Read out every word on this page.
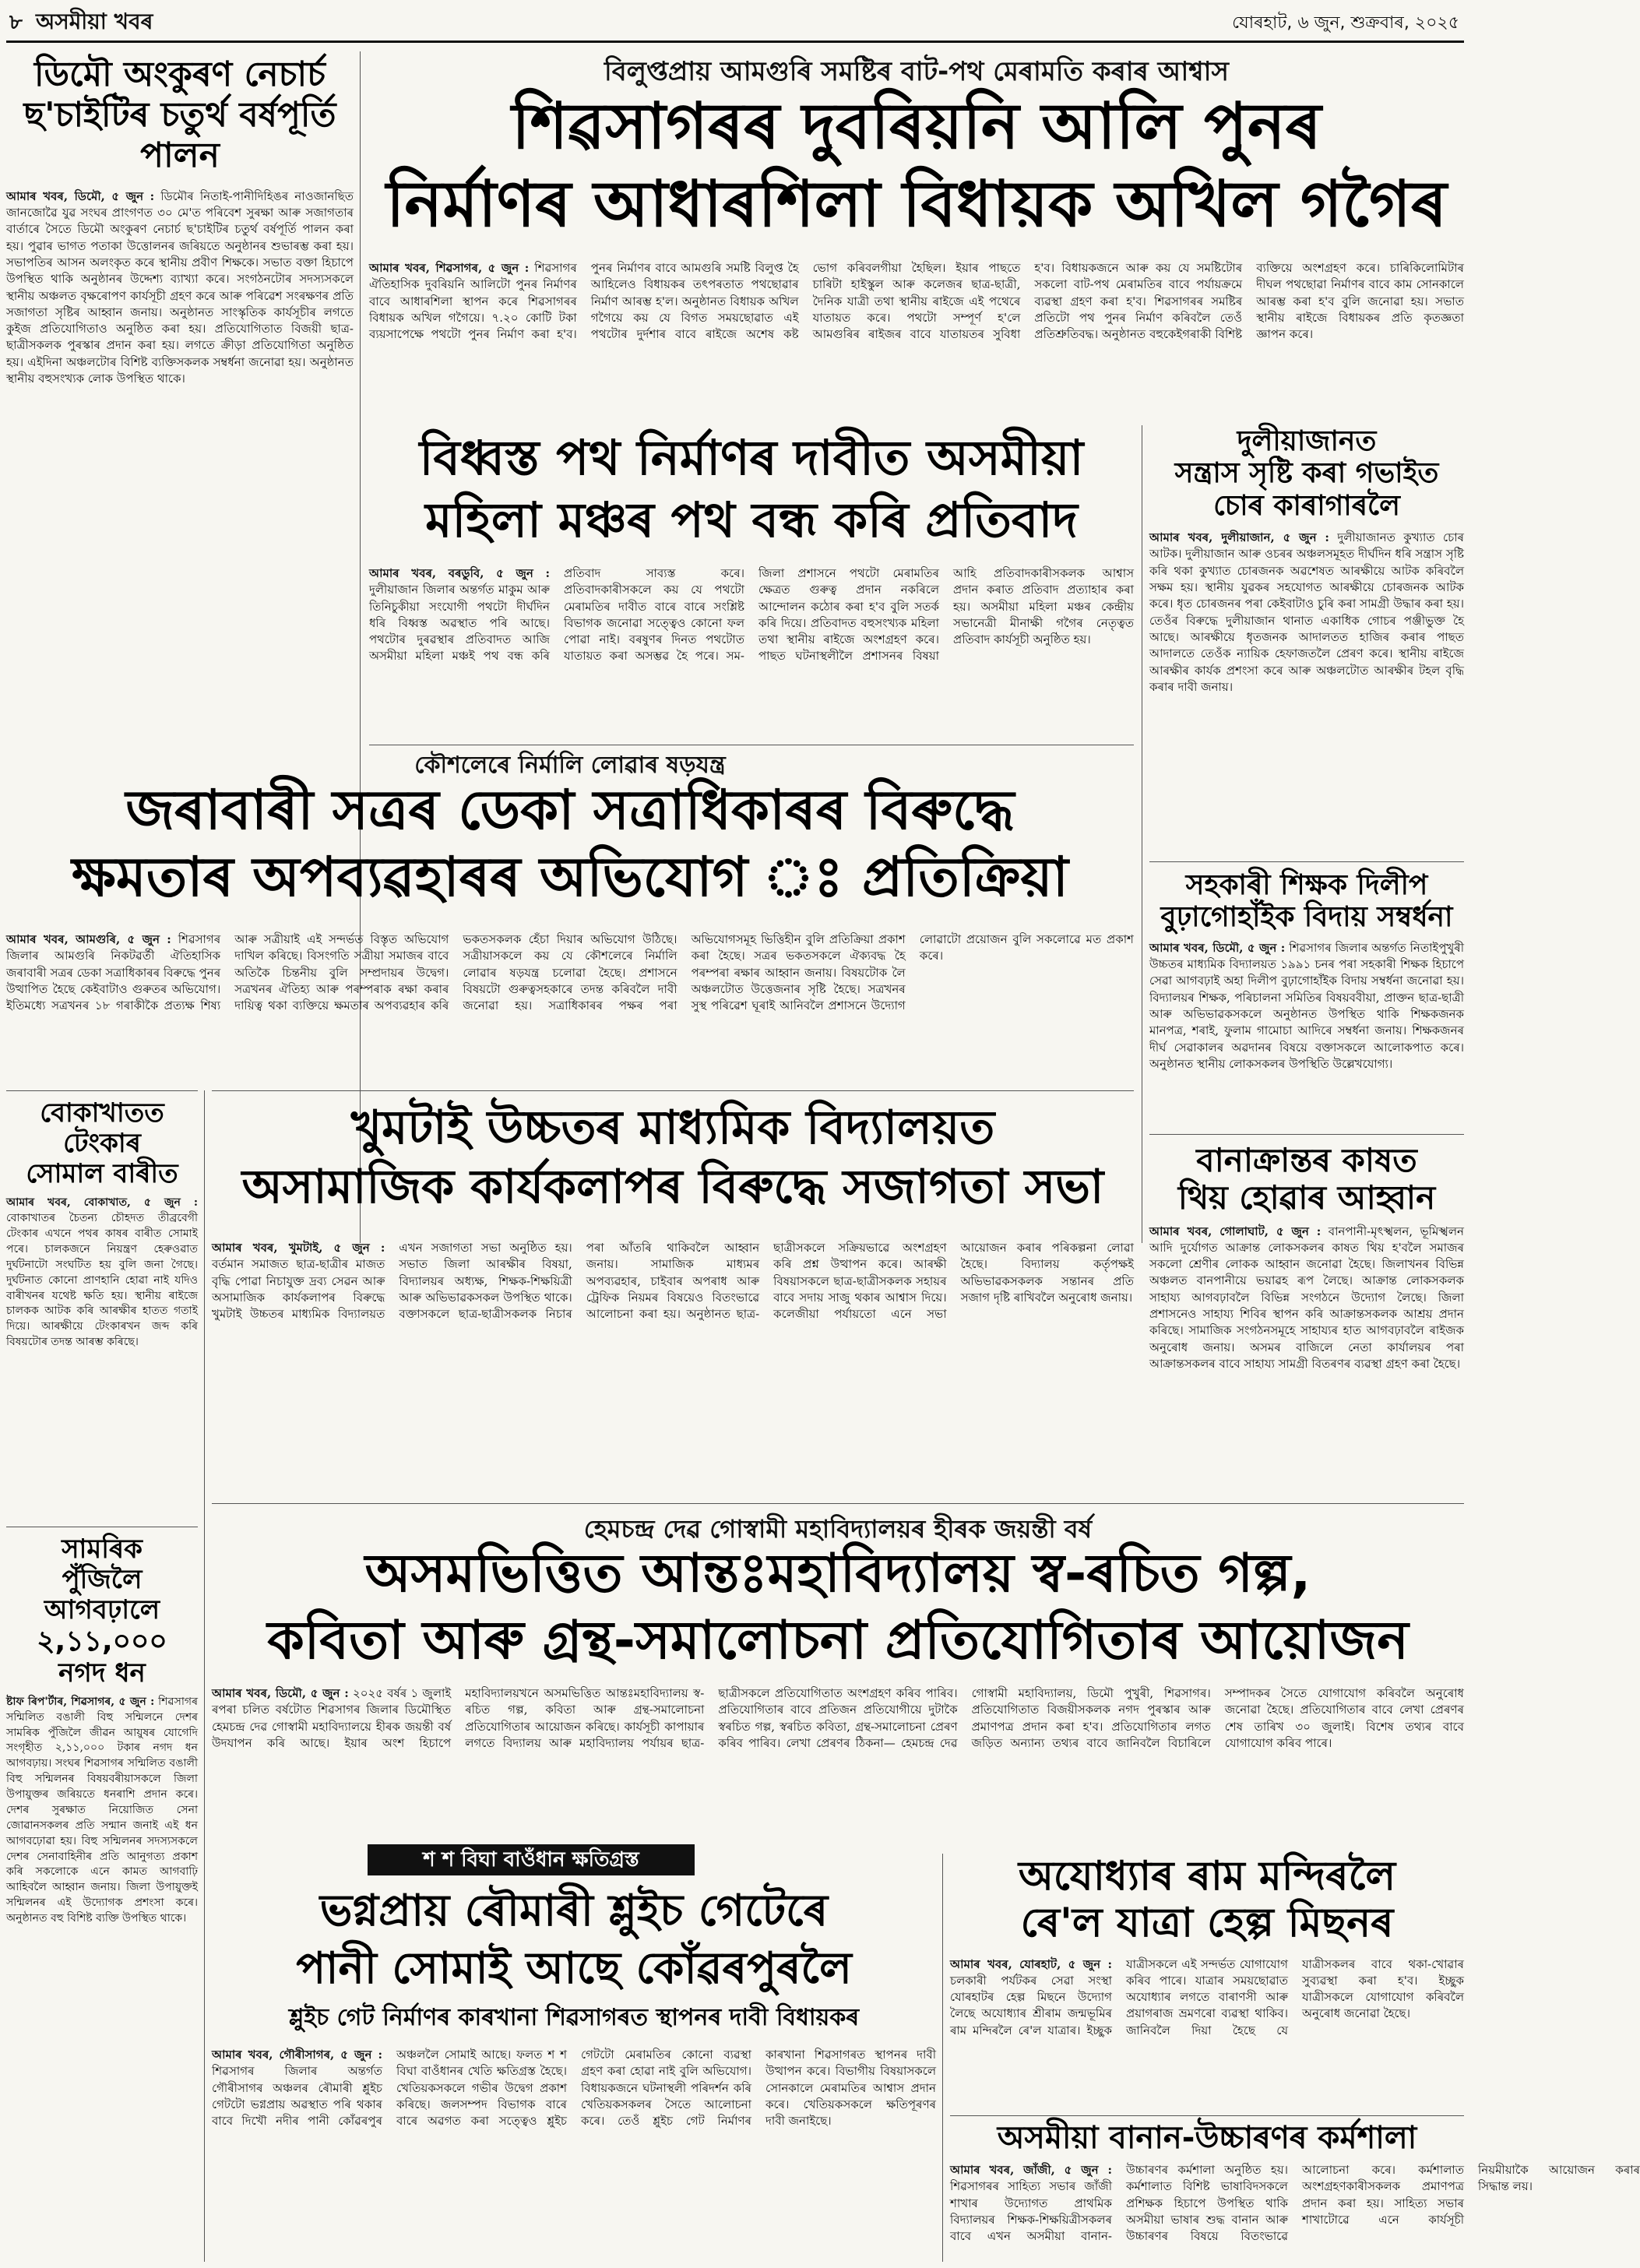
৮ অসমীয়া খবৰ	যোৰহাট, ৬ জুন, শুক্ৰবাৰ, ২০২৫
ডিমৌ অংকুৰণ নেচাৰ্চ ছ'চাইটিৰ চতুৰ্থ বৰ্ষপূৰ্তি পালন
আমাৰ খবৰ, ডিমৌ, ৫ জুন : ডিমৌৰ নিতাই-পানীদিহিঙৰ নাওজানছিত জানজোৱৈ যুৱ সংঘৰ প্ৰাংগণত ৩০ মে'ত পৰিবেশ সুৰক্ষা আৰু সজাগতাৰ বাৰ্তাৰে সৈতে ডিমৌ অংকুৰণ নেচাৰ্চ ছ'চাইটিৰ চতুৰ্থ বৰ্ষপূৰ্তি পালন কৰা হয়। পুৱাৰ ভাগত পতাকা উত্তোলনৰ জৰিয়তে অনুষ্ঠানৰ শুভাৰম্ভ কৰা হয়। সভাপতিৰ আসন অলংকৃত কৰে স্থানীয় প্ৰবীণ শিক্ষকে। সভাত বক্তা হিচাপে উপস্থিত থাকি অনুষ্ঠানৰ উদ্দেশ্য ব্যাখ্যা কৰে। সংগঠনটোৰ সদস্যসকলে স্থানীয় অঞ্চলত বৃক্ষৰোপণ কাৰ্যসূচী গ্ৰহণ কৰে আৰু পৰিৱেশ সংৰক্ষণৰ প্ৰতি সজাগতা সৃষ্টিৰ আহ্বান জনায়। অনুষ্ঠানত সাংস্কৃতিক কাৰ্যসূচীৰ লগতে কুইজ প্ৰতিযোগিতাও অনুষ্ঠিত কৰা হয়। প্ৰতিযোগিতাত বিজয়ী ছাত্ৰ-ছাত্ৰীসকলক পুৰস্কাৰ প্ৰদান কৰা হয়। লগতে ক্ৰীড়া প্ৰতিযোগিতা অনুষ্ঠিত হয়। এইদিনা অঞ্চলটোৰ বিশিষ্ট ব্যক্তিসকলক সম্বৰ্ধনা জনোৱা হয়। অনুষ্ঠানত স্থানীয় বহুসংখ্যক লোক উপস্থিত থাকে।
বিলুপ্তপ্ৰায় আমগুৰি সমষ্টিৰ বাট-পথ মেৰামতি কৰাৰ আশ্বাস
শিৱসাগৰৰ দুবৰিয়নি আলি পুনৰ
নিৰ্মাণৰ আধাৰশিলা বিধায়ক অখিল গগৈৰ
আমাৰ খবৰ, শিৱসাগৰ, ৫ জুন : শিৱসাগৰ ঐতিহাসিক দুবৰিয়নি আলিটো পুনৰ নিৰ্মাণৰ বাবে আধাৰশিলা স্থাপন কৰে শিৱসাগৰৰ বিধায়ক অখিল গগৈয়ে। ৭.২০ কোটি টকা ব্যয়সাপেক্ষে পথটো পুনৰ নিৰ্মাণ কৰা হ'ব। পুনৰ নিৰ্মাণৰ বাবে আমগুৰি সমষ্টি বিলুপ্ত হৈ আহিলেও বিধায়কৰ তৎপৰতাত পথছোৱাৰ নিৰ্মাণ আৰম্ভ হ'ল। অনুষ্ঠানত বিধায়ক অখিল গগৈয়ে কয় যে বিগত সময়ছোৱাত এই পথটোৰ দুৰ্দশাৰ বাবে ৰাইজে অশেষ কষ্ট ভোগ কৰিবলগীয়া হৈছিল। ইয়াৰ পাছতে চাৰিটা হাইস্কুল আৰু কলেজৰ ছাত্ৰ-ছাত্ৰী, দৈনিক যাত্ৰী তথা স্থানীয় ৰাইজে এই পথেৰে যাতায়ত কৰে। পথটো সম্পূৰ্ণ হ'লে আমগুৰিৰ ৰাইজৰ বাবে যাতায়তৰ সুবিধা হ'ব। বিধায়কজনে আৰু কয় যে সমষ্টিটোৰ সকলো বাট-পথ মেৰামতিৰ বাবে পৰ্যায়ক্ৰমে ব্যৱস্থা গ্ৰহণ কৰা হ'ব। শিৱসাগৰৰ সমষ্টিৰ প্ৰতিটো পথ পুনৰ নিৰ্মাণ কৰিবলৈ তেওঁ প্ৰতিশ্ৰুতিবদ্ধ। অনুষ্ঠানত বহুকেইগৰাকী বিশিষ্ট ব্যক্তিয়ে অংশগ্ৰহণ কৰে। চাৰিকিলোমিটাৰ দীঘল পথছোৱা নিৰ্মাণৰ বাবে কাম সোনকালে আৰম্ভ কৰা হ'ব বুলি জনোৱা হয়। সভাত স্থানীয় ৰাইজে বিধায়কৰ প্ৰতি কৃতজ্ঞতা জ্ঞাপন কৰে।
বিধ্বস্ত পথ নিৰ্মাণৰ দাবীত অসমীয়া
মহিলা মঞ্চৰ পথ বন্ধ কৰি প্ৰতিবাদ
আমাৰ খবৰ, বৰডুবি, ৫ জুন : দুলীয়াজান জিলাৰ অন্তৰ্গত মাকুম আৰু তিনিচুকীয়া সংযোগী পথটো দীৰ্ঘদিন ধৰি বিধ্বস্ত অৱস্থাত পৰি আছে। পথটোৰ দুৰৱস্থাৰ প্ৰতিবাদত আজি অসমীয়া মহিলা মঞ্চই পথ বন্ধ কৰি প্ৰতিবাদ সাব্যস্ত কৰে। প্ৰতিবাদকাৰীসকলে কয় যে পথটো মেৰামতিৰ দাবীত বাৰে বাৰে সংশ্লিষ্ট বিভাগক জনোৱা সত্ত্বেও কোনো ফল পোৱা নাই। বৰষুণৰ দিনত পথটোত যাতায়ত কৰা অসম্ভৱ হৈ পৰে। সম-জিলা প্ৰশাসনে পথটো মেৰামতিৰ ক্ষেত্ৰত গুৰুত্ব প্ৰদান নকৰিলে আন্দোলন কঠোৰ কৰা হ'ব বুলি সতৰ্ক কৰি দিয়ে। প্ৰতিবাদত বহুসংখ্যক মহিলা তথা স্থানীয় ৰাইজে অংশগ্ৰহণ কৰে। পাছত ঘটনাস্থলীলৈ প্ৰশাসনৰ বিষয়া আহি প্ৰতিবাদকাৰীসকলক আশ্বাস প্ৰদান কৰাত প্ৰতিবাদ প্ৰত্যাহাৰ কৰা হয়। অসমীয়া মহিলা মঞ্চৰ কেন্দ্ৰীয় সভানেত্ৰী মীনাক্ষী গগৈৰ নেতৃত্বত প্ৰতিবাদ কাৰ্যসূচী অনুষ্ঠিত হয়।
দুলীয়াজানত
সন্ত্ৰাস সৃষ্টি কৰা গভাইত
চোৰ কাৰাগাৰলৈ
আমাৰ খবৰ, দুলীয়াজান, ৫ জুন : দুলীয়াজানত কুখ্যাত চোৰ আটক। দুলীয়াজান আৰু ওচৰৰ অঞ্চলসমূহত দীৰ্ঘদিন ধৰি সন্ত্ৰাস সৃষ্টি কৰি থকা কুখ্যাত চোৰজনক অৱশেষত আৰক্ষীয়ে আটক কৰিবলৈ সক্ষম হয়। স্থানীয় যুৱকৰ সহযোগত আৰক্ষীয়ে চোৰজনক আটক কৰে। ধৃত চোৰজনৰ পৰা কেইবাটাও চুৰি কৰা সামগ্ৰী উদ্ধাৰ কৰা হয়। তেওঁৰ বিৰুদ্ধে দুলীয়াজান থানাত একাধিক গোচৰ পঞ্জীভুক্ত হৈ আছে। আৰক্ষীয়ে ধৃতজনক আদালতত হাজিৰ কৰাৰ পাছত আদালতে তেওঁক ন্যায়িক হেফাজতলৈ প্ৰেৰণ কৰে। স্থানীয় ৰাইজে আৰক্ষীৰ কাৰ্যক প্ৰশংসা কৰে আৰু অঞ্চলটোত আৰক্ষীৰ টহল বৃদ্ধি কৰাৰ দাবী জনায়।
কৌশলেৰে নিৰ্মালি লোৱাৰ ষড়যন্ত্ৰ
জৰাবাৰী সত্ৰৰ ডেকা সত্ৰাধিকাৰৰ বিৰুদ্ধে
ক্ষমতাৰ অপব্যৱহাৰৰ অভিযোগ ঃ প্ৰতিক্ৰিয়া
আমাৰ খবৰ, আমগুৰি, ৫ জুন : শিৱসাগৰ জিলাৰ আমগুৰি নিকটৱৰ্তী ঐতিহাসিক জৰাবাৰী সত্ৰৰ ডেকা সত্ৰাধিকাৰৰ বিৰুদ্ধে পুনৰ উত্থাপিত হৈছে কেইবাটাও গুৰুতৰ অভিযোগ। ইতিমধ্যে সত্ৰখনৰ ১৮ গৰাকীকৈ প্ৰত্যক্ষ শিষ্য আৰু সত্ৰীয়াই এই সন্দৰ্ভত বিস্তৃত অভিযোগ দাখিল কৰিছে। বিসংগতি সত্ৰীয়া সমাজৰ বাবে অতিকৈ চিন্তনীয় বুলি সম্প্ৰদায়ৰ উদ্বেগ। সত্ৰখনৰ ঐতিহ্য আৰু পৰম্পৰাক ৰক্ষা কৰাৰ দায়িত্ব থকা ব্যক্তিয়ে ক্ষমতাৰ অপব্যৱহাৰ কৰি ভকতসকলক হেঁচা দিয়াৰ অভিযোগ উঠিছে। সত্ৰীয়াসকলে কয় যে কৌশলেৰে নিৰ্মালি লোৱাৰ ষড়যন্ত্ৰ চলোৱা হৈছে। প্ৰশাসনে বিষয়টো গুৰুত্বসহকাৰে তদন্ত কৰিবলৈ দাবী জনোৱা হয়। সত্ৰাধিকাৰৰ পক্ষৰ পৰা অভিযোগসমূহ ভিত্তিহীন বুলি প্ৰতিক্ৰিয়া প্ৰকাশ কৰা হৈছে। সত্ৰৰ ভকতসকলে ঐক্যবদ্ধ হৈ পৰম্পৰা ৰক্ষাৰ আহ্বান জনায়। বিষয়টোক লৈ অঞ্চলটোত উত্তেজনাৰ সৃষ্টি হৈছে। সত্ৰখনৰ সুস্থ পৰিৱেশ ঘূৰাই আনিবলৈ প্ৰশাসনে উদ্যোগ লোৱাটো প্ৰয়োজন বুলি সকলোৱে মত প্ৰকাশ কৰে।
সহকাৰী শিক্ষক দিলীপ
বুঢ়াগোহাঁইক বিদায় সম্বৰ্ধনা
আমাৰ খবৰ, ডিমৌ, ৫ জুন : শিৱসাগৰ জিলাৰ অন্তৰ্গত নিতাইপুখুৰী উচ্চতৰ মাধ্যমিক বিদ্যালয়ত ১৯৯১ চনৰ পৰা সহকাৰী শিক্ষক হিচাপে সেৱা আগবঢ়াই অহা দিলীপ বুঢ়াগোহাঁইক বিদায় সম্বৰ্ধনা জনোৱা হয়। বিদ্যালয়ৰ শিক্ষক, পৰিচালনা সমিতিৰ বিষয়ববীয়া, প্ৰাক্তন ছাত্ৰ-ছাত্ৰী আৰু অভিভাৱকসকলে অনুষ্ঠানত উপস্থিত থাকি শিক্ষকজনক মানপত্ৰ, শৰাই, ফুলাম গামোচা আদিৰে সম্বৰ্ধনা জনায়। শিক্ষকজনৰ দীৰ্ঘ সেৱাকালৰ অৱদানৰ বিষয়ে বক্তাসকলে আলোকপাত কৰে। অনুষ্ঠানত স্থানীয় লোকসকলৰ উপস্থিতি উল্লেখযোগ্য।
বোকাখাতত
টেংকাৰ
সোমাল বাৰীত
আমাৰ খবৰ, বোকাখাত, ৫ জুন : বোকাখাতৰ চৈতন্য চৌহদত তীব্ৰবেগী টেংকাৰ এখনে পথৰ কাষৰ বাৰীত সোমাই পৰে। চালকজনে নিয়ন্ত্ৰণ হেৰুওৱাত দুৰ্ঘটনাটো সংঘটিত হয় বুলি জনা গৈছে। দুৰ্ঘটনাত কোনো প্ৰাণহানি হোৱা নাই যদিও বাৰীখনৰ যথেষ্ট ক্ষতি হয়। স্থানীয় ৰাইজে চালকক আটক কৰি আৰক্ষীৰ হাতত গতাই দিয়ে। আৰক্ষীয়ে টেংকাৰখন জব্দ কৰি বিষয়টোৰ তদন্ত আৰম্ভ কৰিছে।
খুমটাই উচ্চতৰ মাধ্যমিক বিদ্যালয়ত
অসামাজিক কাৰ্যকলাপৰ বিৰুদ্ধে সজাগতা সভা
আমাৰ খবৰ, খুমটাই, ৫ জুন : বৰ্তমান সমাজত ছাত্ৰ-ছাত্ৰীৰ মাজত বৃদ্ধি পোৱা নিচাযুক্ত দ্ৰব্য সেৱন আৰু অসামাজিক কাৰ্যকলাপৰ বিৰুদ্ধে খুমটাই উচ্চতৰ মাধ্যমিক বিদ্যালয়ত এখন সজাগতা সভা অনুষ্ঠিত হয়। সভাত জিলা আৰক্ষীৰ বিষয়া, বিদ্যালয়ৰ অধ্যক্ষ, শিক্ষক-শিক্ষয়িত্ৰী আৰু অভিভাৱকসকল উপস্থিত থাকে। বক্তাসকলে ছাত্ৰ-ছাত্ৰীসকলক নিচাৰ পৰা আঁতৰি থাকিবলৈ আহ্বান জনায়। সামাজিক মাধ্যমৰ অপব্যৱহাৰ, চাইবাৰ অপৰাধ আৰু ট্ৰেফিক নিয়মৰ বিষয়েও বিতংভাৱে আলোচনা কৰা হয়। অনুষ্ঠানত ছাত্ৰ-ছাত্ৰীসকলে সক্ৰিয়ভাৱে অংশগ্ৰহণ কৰি প্ৰশ্ন উত্থাপন কৰে। আৰক্ষী বিষয়াসকলে ছাত্ৰ-ছাত্ৰীসকলক সহায়ৰ বাবে সদায় সাজু থকাৰ আশ্বাস দিয়ে। কলেজীয়া পৰ্যায়তো এনে সভা আয়োজন কৰাৰ পৰিকল্পনা লোৱা হৈছে। বিদ্যালয় কৰ্তৃপক্ষই অভিভাৱকসকলক সন্তানৰ প্ৰতি সজাগ দৃষ্টি ৰাখিবলৈ অনুৰোধ জনায়।
বানাক্ৰান্তৰ কাষত
থিয় হোৱাৰ আহ্বান
আমাৰ খবৰ, গোলাঘাট, ৫ জুন : বানপানী-মৃৎস্খলন, ভূমিস্খলন আদি দুৰ্যোগত আক্ৰান্ত লোকসকলৰ কাষত থিয় হ'বলৈ সমাজৰ সকলো শ্ৰেণীৰ লোকক আহ্বান জনোৱা হৈছে। জিলাখনৰ বিভিন্ন অঞ্চলত বানপানীয়ে ভয়াৱহ ৰূপ লৈছে। আক্ৰান্ত লোকসকলক সাহায্য আগবঢ়াবলৈ বিভিন্ন সংগঠনে উদ্যোগ লৈছে। জিলা প্ৰশাসনেও সাহায্য শিবিৰ স্থাপন কৰি আক্ৰান্তসকলক আশ্ৰয় প্ৰদান কৰিছে। সামাজিক সংগঠনসমূহে সাহায্যৰ হাত আগবঢ়াবলৈ ৰাইজক অনুৰোধ জনায়। অসমৰ বাজিলে নেতা কাৰ্যালয়ৰ পৰা আক্ৰান্তসকলৰ বাবে সাহায্য সামগ্ৰী বিতৰণৰ ব্যৱস্থা গ্ৰহণ কৰা হৈছে।
সামৰিক
পুঁজিলৈ
আগবঢ়ালে
২,১১,০০০
নগদ ধন
ষ্টাফ ৰিপ'ৰ্টাৰ, শিৱসাগৰ, ৫ জুন : শিৱসাগৰ সন্মিলিত বঙালী বিহু সন্মিলনে দেশৰ সামৰিক পুঁজিলৈ জীৱন আয়ুষৰ যোগেদি সংগৃহীত ২,১১,০০০ টকাৰ নগদ ধন আগবঢ়ায়। সংঘৰ শিৱসাগৰ সন্মিলিত বঙালী বিহু সন্মিলনৰ বিষয়বৰীয়াসকলে জিলা উপায়ুক্তৰ জৰিয়তে ধনৰাশি প্ৰদান কৰে। দেশৰ সুৰক্ষাত নিয়োজিত সেনা জোৱানসকলৰ প্ৰতি সন্মান জনাই এই ধন আগবঢ়োৱা হয়। বিহু সন্মিলনৰ সদস্যসকলে দেশৰ সেনাবাহিনীৰ প্ৰতি আনুগত্য প্ৰকাশ কৰি সকলোকে এনে কামত আগবাঢ়ি আহিবলৈ আহ্বান জনায়। জিলা উপায়ুক্তই সন্মিলনৰ এই উদ্যোগক প্ৰশংসা কৰে। অনুষ্ঠানত বহু বিশিষ্ট ব্যক্তি উপস্থিত থাকে।
হেমচন্দ্ৰ দেৱ গোস্বামী মহাবিদ্যালয়ৰ হীৰক জয়ন্তী বৰ্ষ
অসমভিত্তিত আন্তঃমহাবিদ্যালয় স্ব-ৰচিত গল্প,
কবিতা আৰু গ্ৰন্থ-সমালোচনা প্ৰতিযোগিতাৰ আয়োজন
আমাৰ খবৰ, ডিমৌ, ৫ জুন : ২০২৫ বৰ্ষৰ ১ জুলাই ৰপৰা চলিত বৰ্ষটোত শিৱসাগৰ জিলাৰ ডিমৌস্থিত হেমচন্দ্ৰ দেৱ গোস্বামী মহাবিদ্যালয়ে হীৰক জয়ন্তী বৰ্ষ উদযাপন কৰি আছে। ইয়াৰ অংশ হিচাপে মহাবিদ্যালয়খনে অসমভিত্তিত আন্তঃমহাবিদ্যালয় স্ব-ৰচিত গল্প, কবিতা আৰু গ্ৰন্থ-সমালোচনা প্ৰতিযোগিতাৰ আয়োজন কৰিছে। কাৰ্যসূচী কাপায়াৰ লগতে বিদ্যালয় আৰু মহাবিদ্যালয় পৰ্যায়ৰ ছাত্ৰ-ছাত্ৰীসকলে প্ৰতিযোগিতাত অংশগ্ৰহণ কৰিব পাৰিব। প্ৰতিযোগিতাৰ বাবে প্ৰতিজন প্ৰতিযোগীয়ে দুটাকৈ স্বৰচিত গল্প, স্বৰচিত কবিতা, গ্ৰন্থ-সমালোচনা প্ৰেৰণ কৰিব পাৰিব। লেখা প্ৰেৰণৰ ঠিকনা— হেমচন্দ্ৰ দেৱ গোস্বামী মহাবিদ্যালয়, ডিমৌ পুখুৰী, শিৱসাগৰ। প্ৰতিযোগিতাত বিজয়ীসকলক নগদ পুৰস্কাৰ আৰু প্ৰমাণপত্ৰ প্ৰদান কৰা হ'ব। প্ৰতিযোগিতাৰ লগত জড়িত অন্যান্য তথ্যৰ বাবে জানিবলৈ বিচাৰিলে সম্পাদকৰ সৈতে যোগাযোগ কৰিবলৈ অনুৰোধ জনোৱা হৈছে। প্ৰতিযোগিতাৰ বাবে লেখা প্ৰেৰণৰ শেষ তাৰিখ ৩০ জুলাই। বিশেষ তথ্যৰ বাবে যোগাযোগ কৰিব পাৰে।
শ শ বিঘা বাওঁধান ক্ষতিগ্ৰস্ত
ভগ্নপ্ৰায় ৰৌমাৰী শ্লুইচ গেটেৰে
পানী সোমাই আছে কোঁৱৰপুৰলৈ
শ্লুইচ গেট নিৰ্মাণৰ কাৰখানা শিৱসাগৰত স্থাপনৰ দাবী বিধায়কৰ
আমাৰ খবৰ, গৌৰীসাগৰ, ৫ জুন : শিৱসাগৰ জিলাৰ অন্তৰ্গত গৌৰীসাগৰ অঞ্চলৰ ৰৌমাৰী শ্লুইচ গেটটো ভগ্নপ্ৰায় অৱস্থাত পৰি থকাৰ বাবে দিখৌ নদীৰ পানী কোঁৱৰপুৰ অঞ্চললৈ সোমাই আছে। ফলত শ শ বিঘা বাওঁধানৰ খেতি ক্ষতিগ্ৰস্ত হৈছে। খেতিয়কসকলে গভীৰ উদ্বেগ প্ৰকাশ কৰিছে। জলসম্পদ বিভাগক বাৰে বাৰে অৱগত কৰা সত্ত্বেও শ্লুইচ গেটটো মেৰামতিৰ কোনো ব্যৱস্থা গ্ৰহণ কৰা হোৱা নাই বুলি অভিযোগ। বিধায়কজনে ঘটনাস্থলী পৰিদৰ্শন কৰি খেতিয়কসকলৰ সৈতে আলোচনা কৰে। তেওঁ শ্লুইচ গেট নিৰ্মাণৰ কাৰখানা শিৱসাগৰত স্থাপনৰ দাবী উত্থাপন কৰে। বিভাগীয় বিষয়াসকলে সোনকালে মেৰামতিৰ আশ্বাস প্ৰদান কৰে। খেতিয়কসকলে ক্ষতিপূৰণৰ দাবী জনাইছে।
অযোধ্যাৰ ৰাম মন্দিৰলৈ
ৰে'ল যাত্ৰা হেল্প মিছনৰ
আমাৰ খবৰ, যোৰহাট, ৫ জুন : চলকাৰী পৰ্যটকৰ সেৱা সংস্থা যোৰহাটৰ হেল্প মিছনে উদ্যোগ লৈছে অযোধ্যাৰ শ্ৰীৰাম জন্মভূমিৰ ৰাম মন্দিৰলৈ ৰে'ল যাত্ৰাৰ। ইচ্ছুক যাত্ৰীসকলে এই সন্দৰ্ভত যোগাযোগ কৰিব পাৰে। যাত্ৰাৰ সময়ছোৱাত অযোধ্যাৰ লগতে বাৰাণসী আৰু প্ৰয়াগৰাজ ভ্ৰমণৰো ব্যৱস্থা থাকিব। জানিবলৈ দিয়া হৈছে যে যাত্ৰীসকলৰ বাবে থকা-খোৱাৰ সুব্যৱস্থা কৰা হ'ব। ইচ্ছুক যাত্ৰীসকলে যোগাযোগ কৰিবলৈ অনুৰোধ জনোৱা হৈছে।
অসমীয়া বানান-উচ্চাৰণৰ কৰ্মশালা
আমাৰ খবৰ, জাঁজী, ৫ জুন : শিৱসাগৰৰ সাহিত্য সভাৰ জাঁজী শাখাৰ উদ্যোগত প্ৰাথমিক বিদ্যালয়ৰ শিক্ষক-শিক্ষয়িত্ৰীসকলৰ বাবে এখন অসমীয়া বানান-উচ্চাৰণৰ কৰ্মশালা অনুষ্ঠিত হয়। কৰ্মশালাত বিশিষ্ট ভাষাবিদসকলে প্ৰশিক্ষক হিচাপে উপস্থিত থাকি অসমীয়া ভাষাৰ শুদ্ধ বানান আৰু উচ্চাৰণৰ বিষয়ে বিতংভাৱে আলোচনা কৰে। কৰ্মশালাত অংশগ্ৰহণকাৰীসকলক প্ৰমাণপত্ৰ প্ৰদান কৰা হয়। সাহিত্য সভাৰ শাখাটোৱে এনে কাৰ্যসূচী নিয়মীয়াকৈ আয়োজন কৰাৰ সিদ্ধান্ত লয়।
